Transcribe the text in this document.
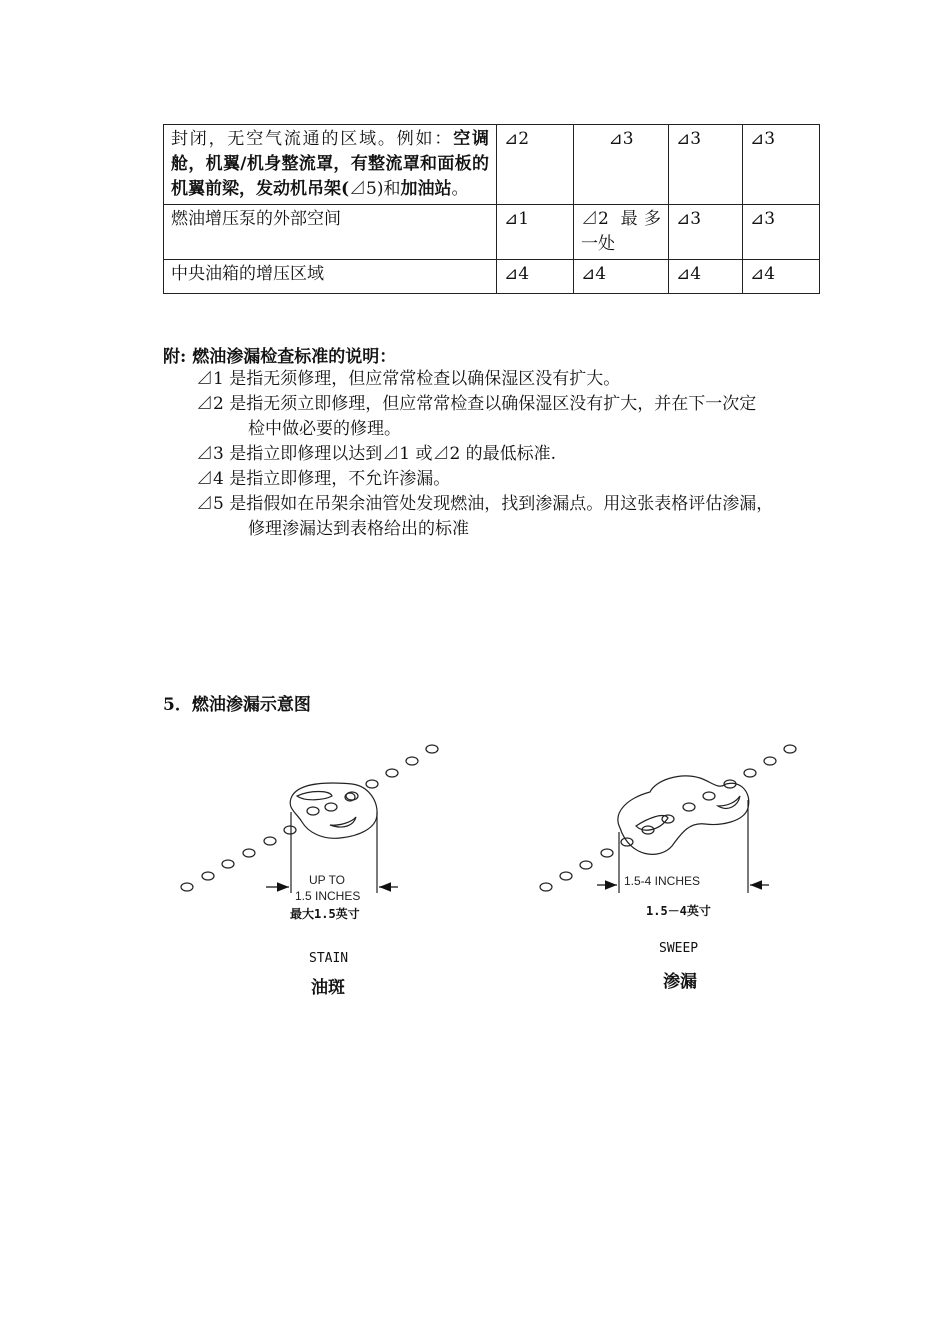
封闭，无空气流通的区域。例如：空调舱，机翼/机身整流罩，有整流罩和面板的机翼前梁，发动机吊架(⊿5)和加油站。	⊿2	⊿3	⊿3	⊿3
燃油增压泵的外部空间	⊿1	⊿2 最多一处	⊿3	⊿3
中央油箱的增压区域	⊿4	⊿4	⊿4	⊿4
附: 燃油渗漏检查标准的说明：
⊿1 是指无须修理，但应常常检查以确保湿区没有扩大。
⊿2 是指无须立即修理，但应常常检查以确保湿区没有扩大，并在下一次定
检中做必要的修理。
⊿3 是指立即修理以达到⊿1 或⊿2 的最低标准.
⊿4 是指立即修理，不允许渗漏。
⊿5 是指假如在吊架余油管处发现燃油，找到渗漏点。用这张表格评估渗漏，
修理渗漏达到表格给出的标准
5．燃油渗漏示意图
UP TO
1.5 INCHES
最大1.5英寸
STAIN
油斑
1.5-4 INCHES
1.5－4英寸
SWEEP
渗漏
